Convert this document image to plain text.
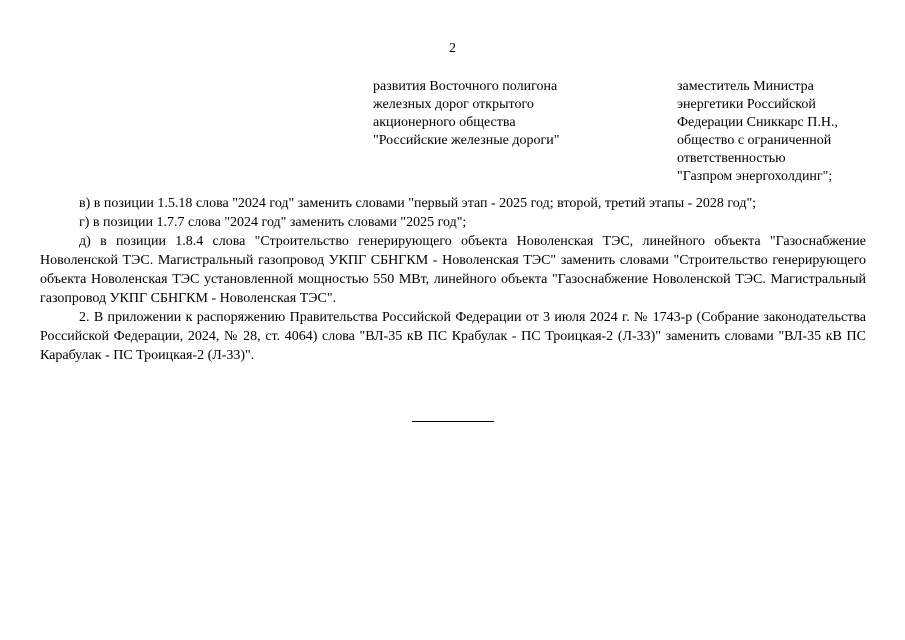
2
развития Восточного полигона
железных дорог открытого
акционерного общества
"Российские железные дороги"
заместитель Министра
энергетики Российской
Федерации Сниккарс П.Н.,
общество с ограниченной
ответственностью
"Газпром энергохолдинг";

в) в позиции 1.5.18 слова "2024 год" заменить словами "первый этап - 2025 год; второй, третий этапы - 2028 год";

г) в позиции 1.7.7 слова "2024 год" заменить словами "2025 год";

д) в позиции 1.8.4 слова "Строительство генерирующего объекта Новоленская ТЭС, линейного объекта "Газоснабжение Новоленской ТЭС. Магистральный газопровод УКПГ СБНГКМ - Новоленская ТЭС" заменить словами "Строительство генерирующего объекта Новоленская ТЭС установленной мощностью 550 МВт, линейного объекта "Газоснабжение Новоленской ТЭС. Магистральный газопровод УКПГ СБНГКМ - Новоленская ТЭС".

2. В приложении к распоряжению Правительства Российской Федерации от 3 июля 2024 г. № 1743-р (Собрание законодательства Российской Федерации, 2024, № 28, ст. 4064) слова "ВЛ-35 кВ ПС Крабулак - ПС Троицкая-2 (Л-33)" заменить словами "ВЛ-35 кВ ПС Карабулак - ПС Троицкая-2 (Л-33)".
